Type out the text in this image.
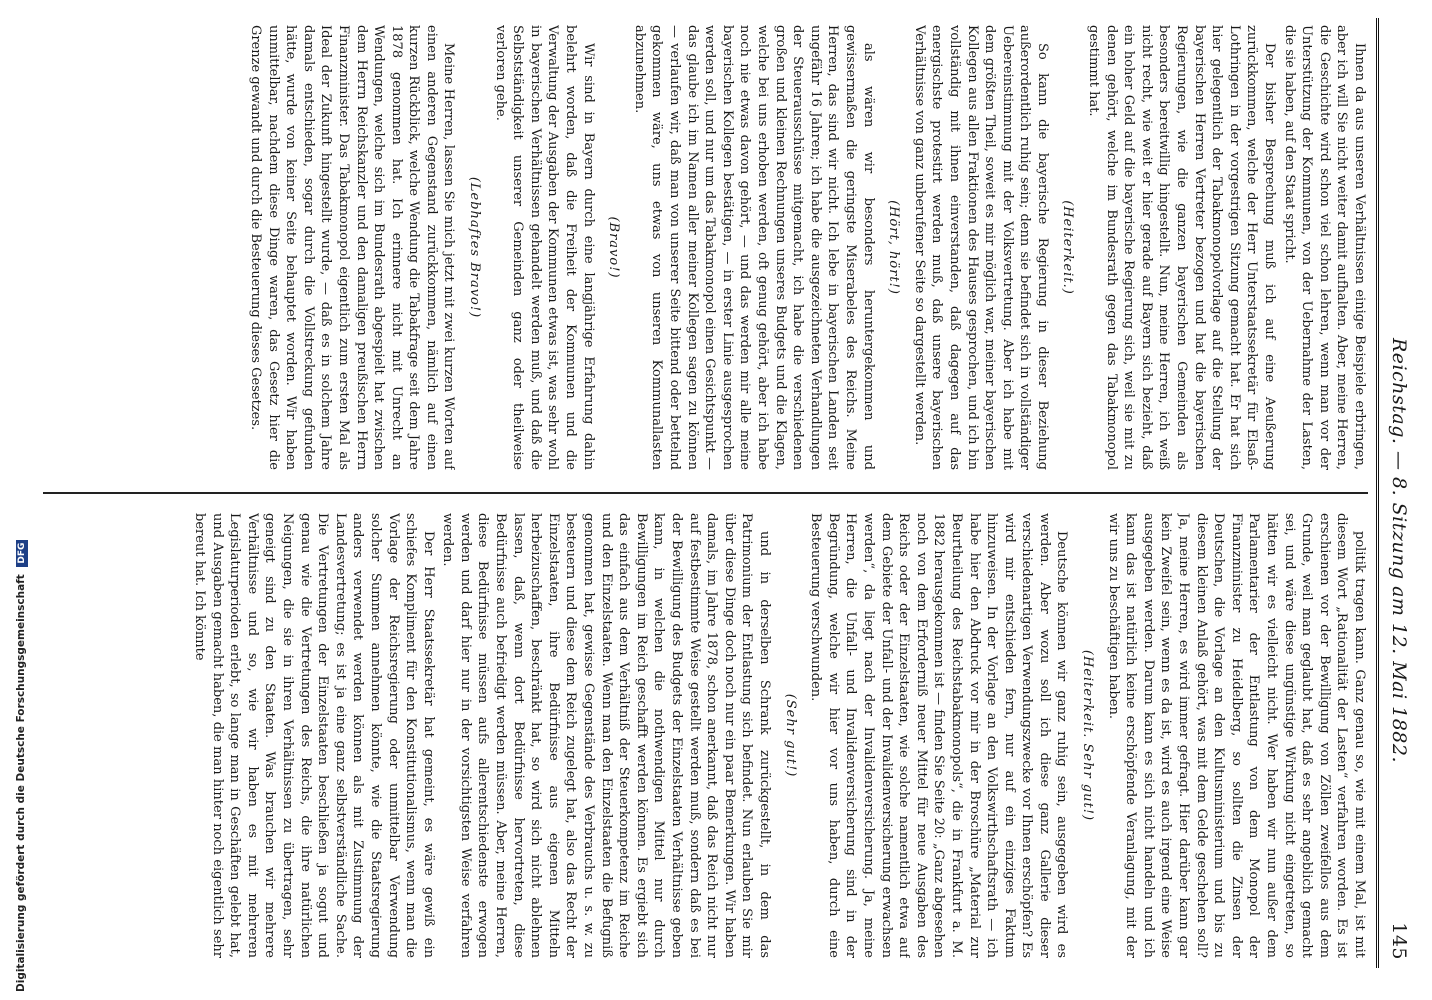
Digitalisierung gefördert durch die Deutsche Forschungsgemeinschaft DFG	Reichstag. — 8. Sitzung am 12. Mai 1882.
145

Ihnen da aus unseren Verhältnissen einige Beispiele erbringen, aber ich will Sie nicht weiter damit aufhalten. Aber, meine Herren, die Geschichte wird schon viel schon lehren, wenn man vor der Unterstützung der Kommunen, von der Uebernahme der Lasten, die sie haben, auf den Staat spricht.

Der bisher Besprechung muß ich auf eine Aeußerung zurückkommen, welche der Herr Unterstaatssekretär für Elsaß-Lothringen in der vorgestrigen Sitzung gemacht hat. Er hat sich hier gelegentlich der Tabakmonopolvorlage auf die Stellung der bayerischen Herren Vertreter bezogen und hat die bayerischen Regierungen, wie die ganzen bayerischen Gemeinden als besonders bereitwillig hingestellt. Nun, meine Herren, ich weiß nicht recht, wie weit er hier gerade auf Bayern sich bezieht, daß ein hoher Geld auf die bayerische Regierung sich, weil sie mit zu denen gehört, welche im Bundesrath gegen das Tabakmonopol gestimmt hat.

(Heiterkeit.)

So kann die bayerische Regierung in dieser Beziehung außerordentlich ruhig sein; denn sie befindet sich in vollständiger Uebereinstimmung mit der Volksvertretung. Aber ich habe mit dem größten Theil, soweit es mir möglich war, meiner bayerischen Kollegen aus allen Fraktionen des Hauses gesprochen, und ich bin vollständig mit ihnen einverstanden, daß dagegen auf das energischste protestirt werden muß, daß unsere bayerischen Verhältnisse von ganz unberufener Seite so dargestellt werden.

(Hört, hört!)

als wären wir besonders heruntergekommen und gewissermaßen die geringste Miserabeles des Reichs. Meine Herren, das sind wir nicht. Ich lebe in bayerischen Landen seit ungefähr 16 Jahren; ich habe die ausgezeichneten Verhandlungen der Steuerausschüsse mitgemacht, ich habe die verschiedenen großen und kleinen Rechnungen unseres Budgets und die Klagen, welche bei uns erhoben werden, oft genug gehört, aber ich habe noch nie etwas davon gehört, — und das werden mir alle meine bayerischen Kollegen bestätigen, — in erster Linie ausgesprochen werden soll, und nur um das Tabakmonopol einen Gesichtspunkt — das glaube ich im Namen aller meiner Kollegen sagen zu können — verlaufen wir, daß man von unserer Seite bittend oder bettelnd gekommen wäre, uns etwas von unseren Kommunallasten abzunehmen.

(Bravo!)

Wir sind in Bayern durch eine langjährige Erfahrung dahin belehrt worden, daß die Freiheit der Kommunen und die Verwaltung der Ausgaben der Kommunen etwas ist, was sehr wohl in bayerischen Verhältnissen gehandelt werden muß, und daß die Selbstständigkeit unserer Gemeinden ganz oder theilweise verloren gehe.

(Lebhaftes Bravo!)

Meine Herren, lassen Sie mich jetzt mit zwei kurzen Worten auf einen anderen Gegenstand zurückkommen, nämlich auf einen kurzen Rückblick, welche Wendung die Tabakfrage seit dem Jahre 1878 genommen hat. Ich erinnere nicht mit Unrecht an Wendungen, welche sich im Bundesrath abgespielt hat zwischen dem Herrn Reichskanzler und den damaligen preußischen Herrn Finanzminister. Das Tabakmonopol eigentlich zum ersten Mal als Ideal der Zukunft hingestellt wurde, — daß es in solchem Jahre damals entschieden, sogar durch die Vollstreckung gefunden hätte, wurde von keiner Seite behauptet worden. Wir haben unmittelbar, nachdem diese Dinge waren, das Gesetz hier die Grenze gewandt und durch die Besteuerung dieses Gesetzes.

politik tragen kann. Ganz genau so, wie mit einem Mal, ist mit diesem Wort „Rationalität der Lasten“ verfahren worden. Es ist erschienen vor der Bewilligung von Zöllen zweifellos aus dem Grunde, weil man geglaubt hat, daß es sehr angeblich gemacht sei, und wäre diese ungünstige Wirkung nicht eingetreten, so hätten wir es vielleicht nicht. Wer haben wir nun außer dem Parlamentarier der Entlastung von dem Monopol der Finanzminister zu Heidelberg, so sollten die Zinsen der Deutschen, die Vorlage an den Kultusministerium und bis zu diesem kleinen Anlaß gehört, was mit dem Gelde geschehen soll? Ja, meine Herren, es wird immer gefragt. Hier darüber kann gar kein Zweifel sein, wenn es da ist, wird es auch irgend eine Weise ausgegeben werden. Darum kann es sich nicht handeln und ich kann das ist natürlich keine erschöpfende Veranlagung, mit der wir uns zu beschäftigen haben.

(Heiterkeit. Sehr gut!)

Deutsche können wir ganz ruhig sein, ausgegeben wird es werden. Aber wozu soll ich diese ganz Gallerie dieser verschiedenartigen Verwendungszwecke vor Ihnen erschöpfen? Es wird mir entschieden fern, nur auf ein einziges Faktum hinzuweisen. In der Vorlage an den Volkswirthschaftsrath — ich habe hier den Abdruck vor mir in der Broschüre „Material zur Beurtheilung des Reichstabakmonopols“, die in Frankfurt a. M. 1882 herausgekommen ist — finden Sie Seite 20: „Ganz abgesehen noch von dem Erforderniß neuer Mittel für neue Ausgaben des Reichs oder der Einzelstaaten, wie solche namentlich etwa auf dem Gebiete der Unfall- und der Invalidenversicherung erwachsen werden“, da liegt nach der Invalidenversicherung. Ja, meine Herren, die Unfall- und Invalidenversicherung sind in der Begründung, welche wir hier vor uns haben, durch eine Besteuerung verschwunden.

(Sehr gut!)

und in derselben Schrank zurückgestellt, in dem das Patrimonium der Entlastung sich befindet. Nun erlauben Sie mir über diese Dinge doch noch nur ein paar Bemerkungen. Wir haben damals, im Jahre 1878, schon anerkannt, daß das Reich nicht nur auf festbestimmte Weise gestellt werden muß, sondern daß es bei der Bewilligung des Budgets der Einzelstaaten Verhältnisse geben kann, in welchen die nothwendigen Mittel nur durch Bewilligungen im Reich geschafft werden können. Es ergiebt sich das einfach aus dem Verhältniß der Steuerkompetenz im Reiche und den Einzelstaaten. Wenn man den Einzelstaaten die Befugniß genommen hat, gewisse Gegenstände des Verbrauchs u. s. w. zu besteuern und diese dem Reich zugelegt hat, also das Recht der Einzelstaaten, ihre Bedürfnisse aus eigenen Mitteln herbeizuschaffen, beschränkt hat, so wird sich nicht ablehnen lassen, daß, wenn dort Bedürfnisse hervortreten, diese Bedürfnisse auch befriedigt werden müssen. Aber, meine Herren, diese Bedürfnisse müssen aufs allerentschiedenste erwogen werden und darf hier nur in der vorsichtigsten Weise verfahren werden.

Der Herr Staatssekretär hat gemeint, es wäre gewiß ein schiefes Kompliment für den Konstitutionalismus, wenn man die Vorlage der Reichsregierung oder unmittelbar Verwendung solcher Summen annehmen könnte, wie die Staatsregierung anders verwendet werden können als mit Zustimmung der Landesvertretung; es ist ja eine ganz selbstverständliche Sache. Die Vertretungen der Einzelstaaten beschließen ja sogut und genau wie die Vertretungen des Reichs, die ihre natürlichen Neigungen, die sie in ihren Verhältnissen zu übertragen, sehr geneigt sind zu den Staaten. Was brauchen wir mehrere Verhältnisse und so, wie wir haben es mit mehreren Legislaturperioden erlebt, so lange man in Geschäften gelebt hat, und Ausgaben gemacht haben, die man hinter noch eigentlich sehr bereut hat. Ich könnte
